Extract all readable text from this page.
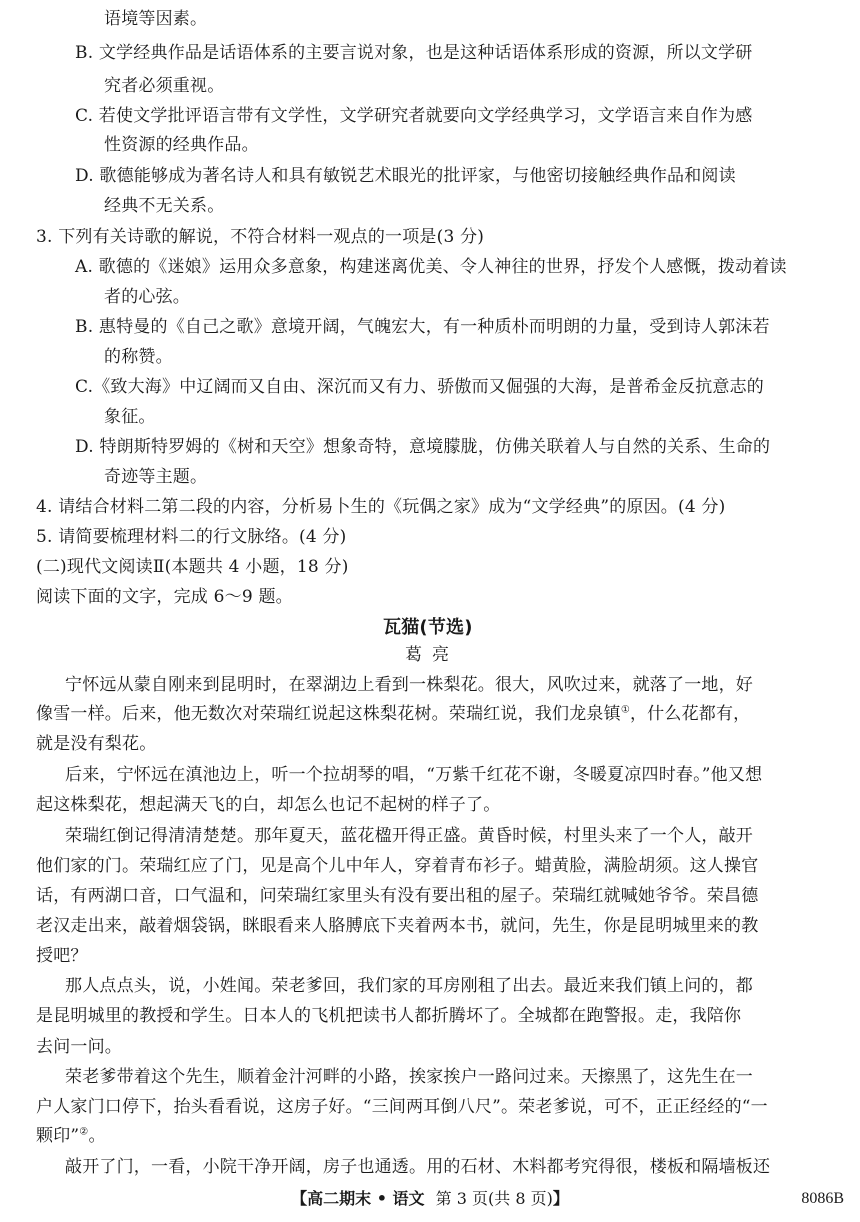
语境等因素。
B. 文学经典作品是话语体系的主要言说对象，也是这种话语体系形成的资源，所以文学研
究者必须重视。
C. 若使文学批评语言带有文学性，文学研究者就要向文学经典学习，文学语言来自作为感
性资源的经典作品。
D. 歌德能够成为著名诗人和具有敏锐艺术眼光的批评家，与他密切接触经典作品和阅读
经典不无关系。
3. 下列有关诗歌的解说，不符合材料一观点的一项是(3 分)
A. 歌德的《迷娘》运用众多意象，构建迷离优美、令人神往的世界，抒发个人感慨，拨动着读
者的心弦。
B. 惠特曼的《自己之歌》意境开阔，气魄宏大，有一种质朴而明朗的力量，受到诗人郭沫若
的称赞。
C.《致大海》中辽阔而又自由、深沉而又有力、骄傲而又倔强的大海，是普希金反抗意志的
象征。
D. 特朗斯特罗姆的《树和天空》想象奇特，意境朦胧，仿佛关联着人与自然的关系、生命的
奇迹等主题。
4. 请结合材料二第二段的内容，分析易卜生的《玩偶之家》成为“文学经典”的原因。(4 分)
5. 请简要梳理材料二的行文脉络。(4 分)
(二)现代文阅读Ⅱ(本题共 4 小题，18 分)
阅读下面的文字，完成 6～9 题。
瓦猫(节选)
葛亮
宁怀远从蒙自刚来到昆明时，在翠湖边上看到一株梨花。很大，风吹过来，就落了一地，好
像雪一样。后来，他无数次对荣瑞红说起这株梨花树。荣瑞红说，我们龙泉镇①，什么花都有，
就是没有梨花。
后来，宁怀远在滇池边上，听一个拉胡琴的唱，“万紫千红花不谢，冬暖夏凉四时春。”他又想
起这株梨花，想起满天飞的白，却怎么也记不起树的样子了。
荣瑞红倒记得清清楚楚。那年夏天，蓝花楹开得正盛。黄昏时候，村里头来了一个人，敲开
他们家的门。荣瑞红应了门，见是高个儿中年人，穿着青布衫子。蜡黄脸，满脸胡须。这人操官
话，有两湖口音，口气温和，问荣瑞红家里头有没有要出租的屋子。荣瑞红就喊她爷爷。荣昌德
老汉走出来，敲着烟袋锅，眯眼看来人胳膊底下夹着两本书，就问，先生，你是昆明城里来的教
授吧？
那人点点头，说，小姓闻。荣老爹回，我们家的耳房刚租了出去。最近来我们镇上问的，都
是昆明城里的教授和学生。日本人的飞机把读书人都折腾坏了。全城都在跑警报。走，我陪你
去问一问。
荣老爹带着这个先生，顺着金汁河畔的小路，挨家挨户一路问过来。天擦黑了，这先生在一
户人家门口停下，抬头看看说，这房子好。“三间两耳倒八尺”。荣老爹说，可不，正正经经的“一
颗印”②。
敲开了门，一看，小院干净开阔，房子也通透。用的石材、木料都考究得很，楼板和隔墙板还
【高二期末 • 语文 第 3 页(共 8 页)】	8086B
